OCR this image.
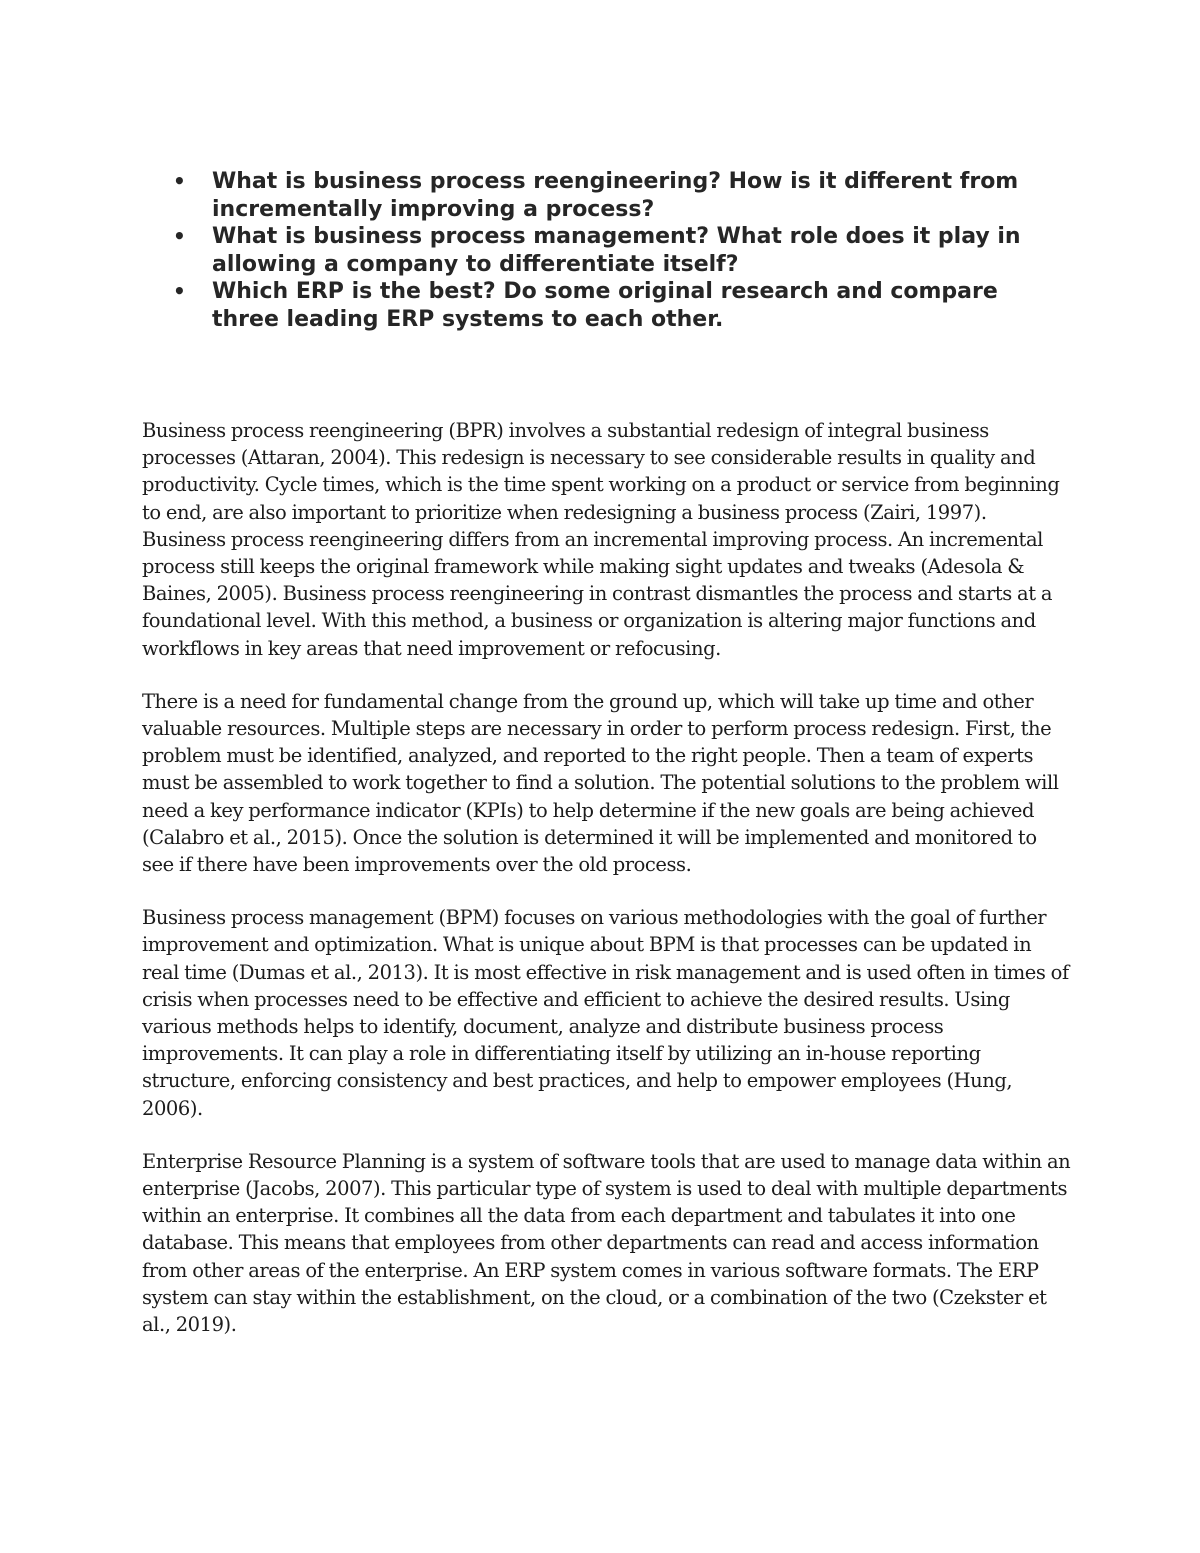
• What is business process reengineering? How is it different from incrementally improving a process?
• What is business process management? What role does it play in allowing a company to differentiate itself?
• Which ERP is the best? Do some original research and compare three leading ERP systems to each other.

Business process reengineering (BPR) involves a substantial redesign of integral business processes (Attaran, 2004). This redesign is necessary to see considerable results in quality and productivity. Cycle times, which is the time spent working on a product or service from beginning to end, are also important to prioritize when redesigning a business process (Zairi, 1997). Business process reengineering differs from an incremental improving process. An incremental process still keeps the original framework while making sight updates and tweaks (Adesola & Baines, 2005). Business process reengineering in contrast dismantles the process and starts at a foundational level. With this method, a business or organization is altering major functions and workflows in key areas that need improvement or refocusing.

There is a need for fundamental change from the ground up, which will take up time and other valuable resources. Multiple steps are necessary in order to perform process redesign. First, the problem must be identified, analyzed, and reported to the right people. Then a team of experts must be assembled to work together to find a solution. The potential solutions to the problem will need a key performance indicator (KPIs) to help determine if the new goals are being achieved (Calabro et al., 2015). Once the solution is determined it will be implemented and monitored to see if there have been improvements over the old process.

Business process management (BPM) focuses on various methodologies with the goal of further improvement and optimization. What is unique about BPM is that processes can be updated in real time (Dumas et al., 2013). It is most effective in risk management and is used often in times of crisis when processes need to be effective and efficient to achieve the desired results. Using various methods helps to identify, document, analyze and distribute business process improvements. It can play a role in differentiating itself by utilizing an in-house reporting structure, enforcing consistency and best practices, and help to empower employees (Hung, 2006).

Enterprise Resource Planning is a system of software tools that are used to manage data within an enterprise (Jacobs, 2007). This particular type of system is used to deal with multiple departments within an enterprise. It combines all the data from each department and tabulates it into one database. This means that employees from other departments can read and access information from other areas of the enterprise. An ERP system comes in various software formats. The ERP system can stay within the establishment, on the cloud, or a combination of the two (Czekster et al., 2019).
